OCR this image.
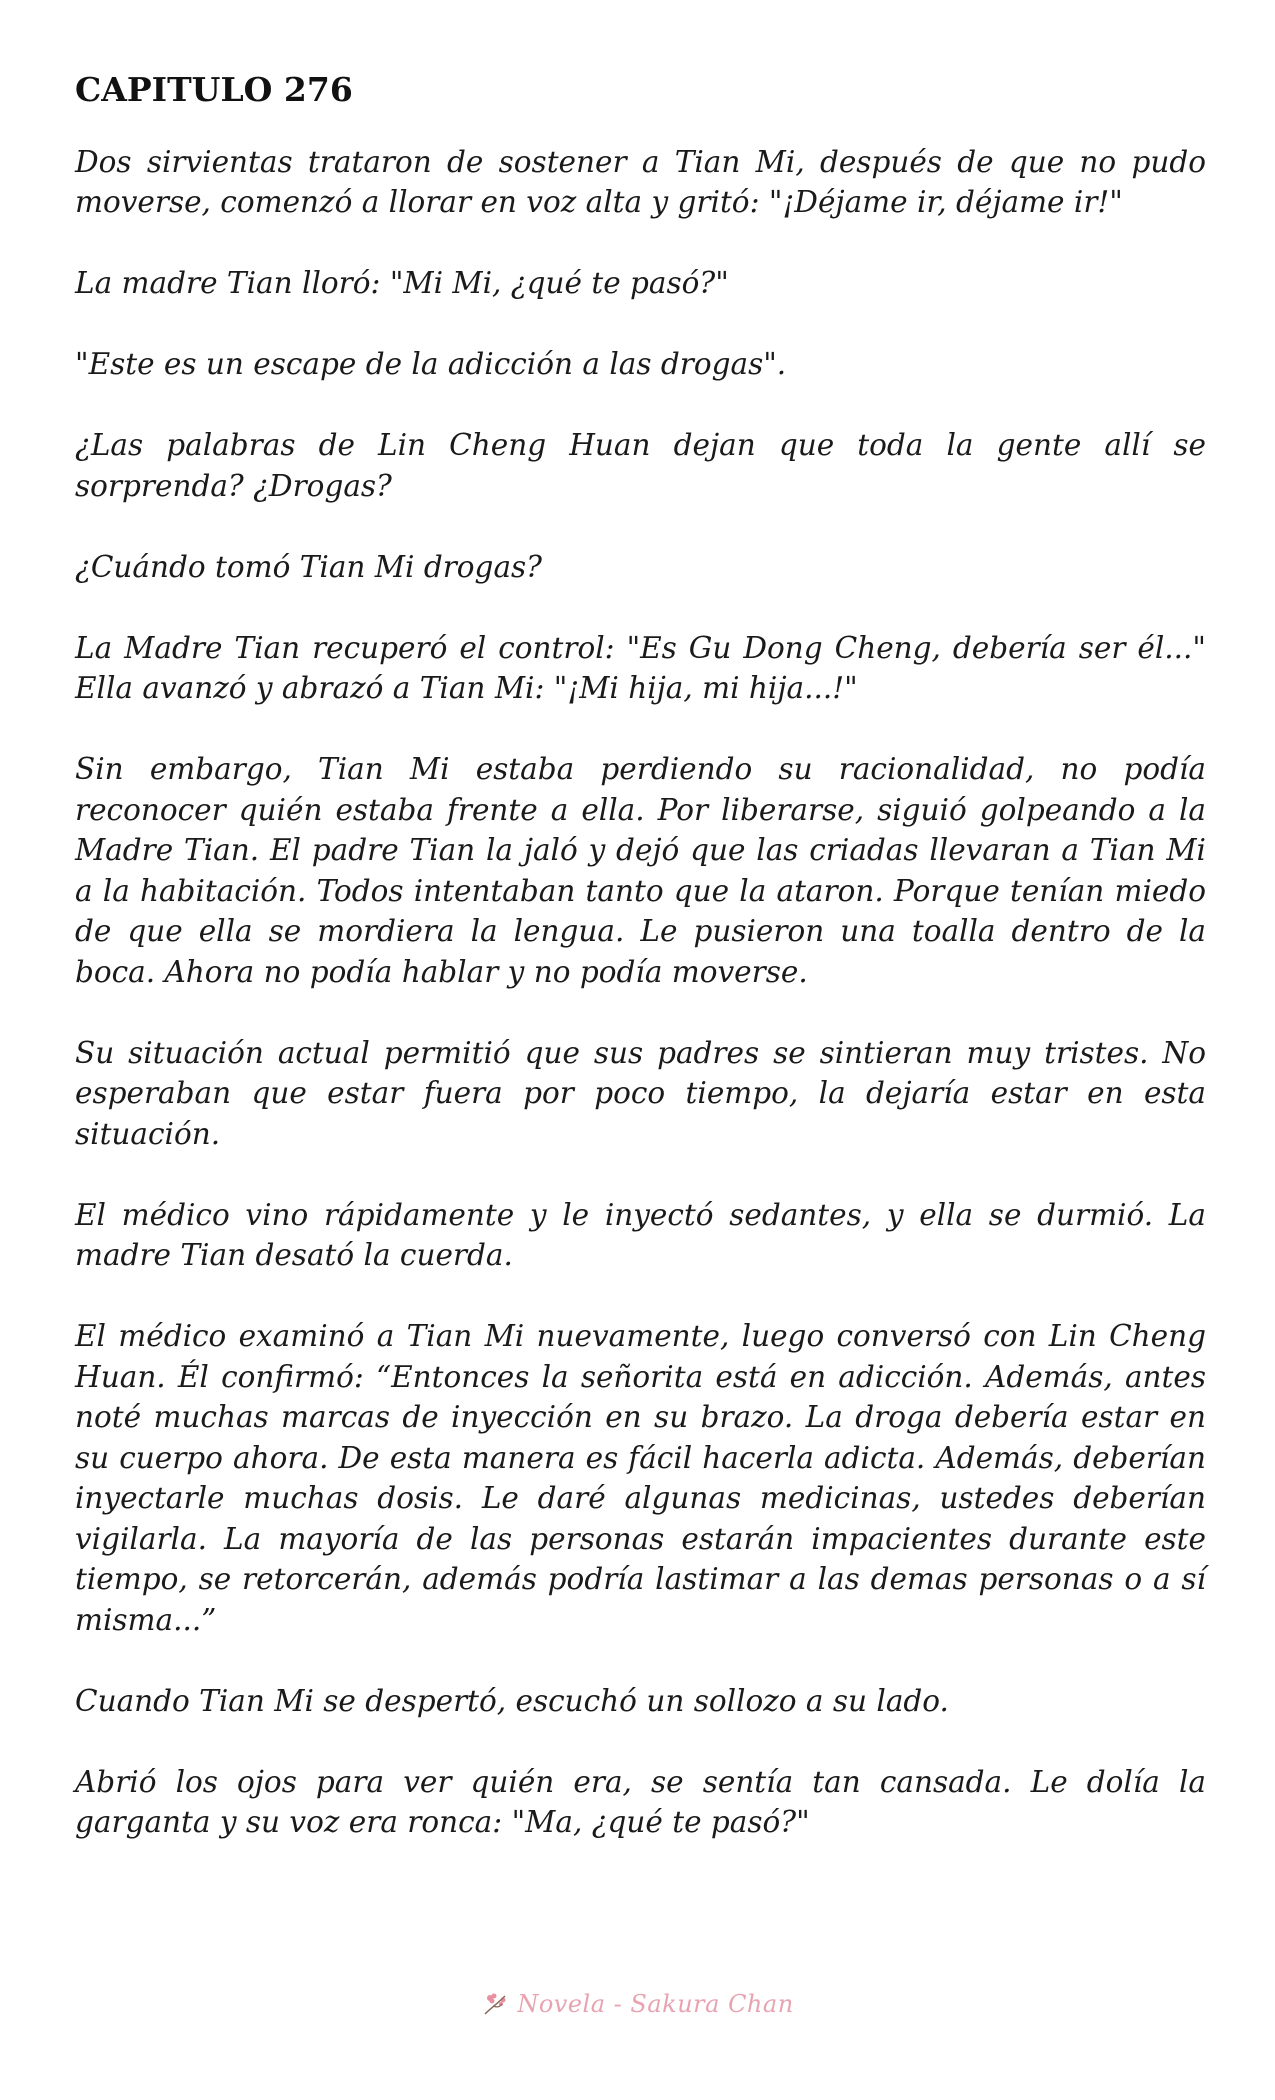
CAPITULO 276

Dos sirvientas trataron de sostener a Tian Mi, después de que no pudo moverse, comenzó a llorar en voz alta y gritó: "¡Déjame ir, déjame ir!"

La madre Tian lloró: "Mi Mi, ¿qué te pasó?"

"Este es un escape de la adicción a las drogas".

¿Las palabras de Lin Cheng Huan dejan que toda la gente allí se sorprenda? ¿Drogas?

¿Cuándo tomó Tian Mi drogas?

La Madre Tian recuperó el control: "Es Gu Dong Cheng, debería ser él..." Ella avanzó y abrazó a Tian Mi: "¡Mi hija, mi hija...!"

Sin embargo, Tian Mi estaba perdiendo su racionalidad, no podía reconocer quién estaba frente a ella. Por liberarse, siguió golpeando a la Madre Tian. El padre Tian la jaló y dejó que las criadas llevaran a Tian Mi a la habitación. Todos intentaban tanto que la ataron. Porque tenían miedo de que ella se mordiera la lengua. Le pusieron una toalla dentro de la boca. Ahora no podía hablar y no podía moverse.

Su situación actual permitió que sus padres se sintieran muy tristes. No esperaban que estar fuera por poco tiempo, la dejaría estar en esta situación.

El médico vino rápidamente y le inyectó sedantes, y ella se durmió. La madre Tian desató la cuerda.

El médico examinó a Tian Mi nuevamente, luego conversó con Lin Cheng Huan. Él confirmó: “Entonces la señorita está en adicción. Además, antes noté muchas marcas de inyección en su brazo. La droga debería estar en su cuerpo ahora. De esta manera es fácil hacerla adicta. Además, deberían inyectarle muchas dosis. Le daré algunas medicinas, ustedes deberían vigilarla. La mayoría de las personas estarán impacientes durante este tiempo, se retorcerán, además podría lastimar a las demas personas o a sí misma...”

Cuando Tian Mi se despertó, escuchó un sollozo a su lado.

Abrió los ojos para ver quién era, se sentía tan cansada. Le dolía la garganta y su voz era ronca: "Ma, ¿qué te pasó?"

Novela - Sakura Chan
